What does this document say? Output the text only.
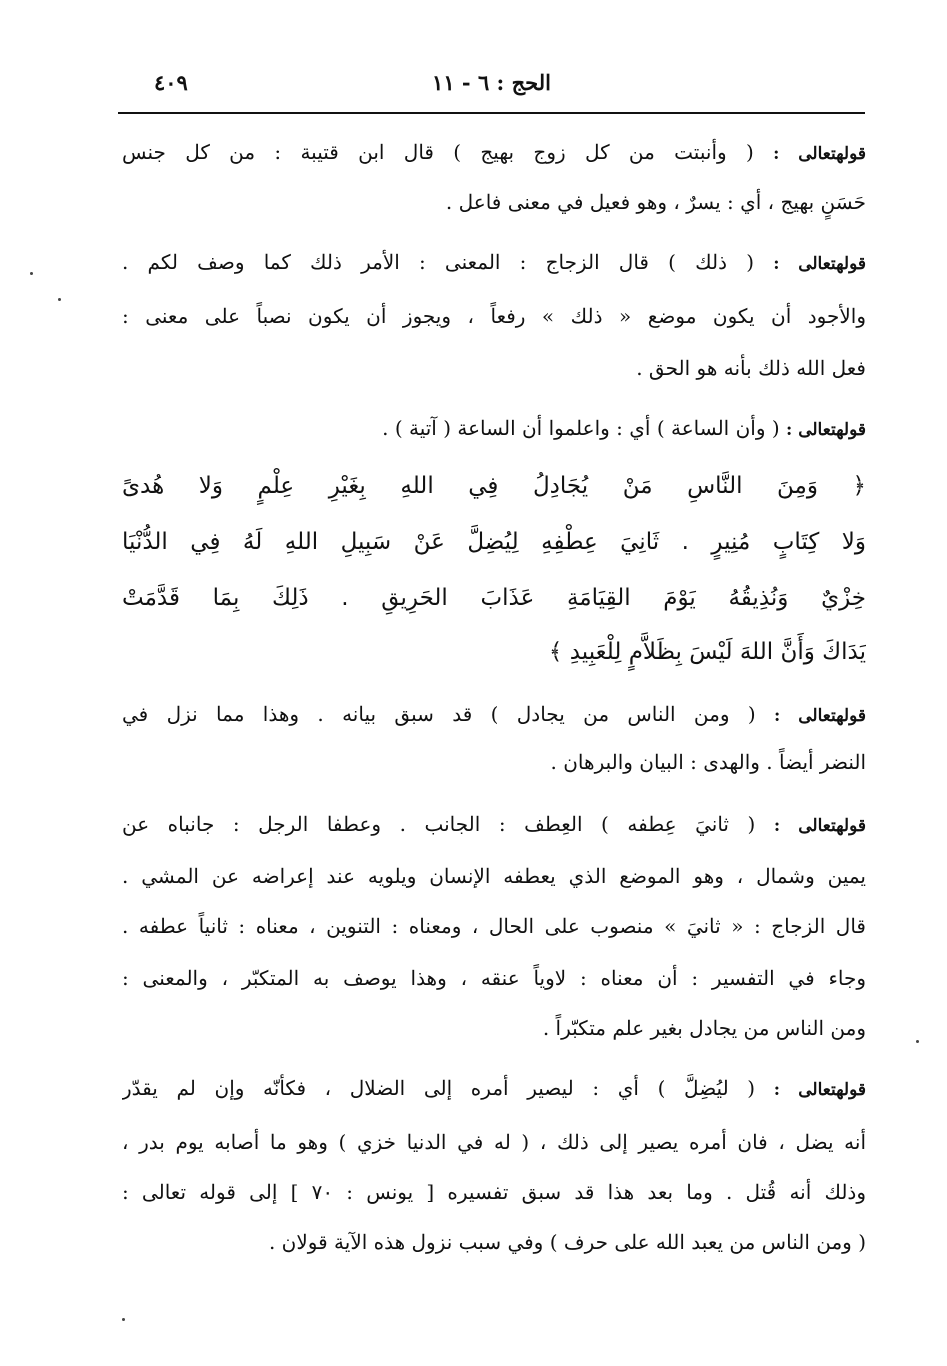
الحج : ٦ - ١١
٤٠٩
قولهتعالى : ( وأنبتت من كل زوج بهيج ) قال ابن قتيبة : من كل جنس
حَسَنٍ بهيج ، أي : يسرٌ ، وهو فعيل في معنى فاعل .
قولهتعالى : ( ذلك ) قال الزجاج : المعنى : الأمر ذلك كما وصف لكم .
والأجود أن يكون موضع « ذلك » رفعاً ، ويجوز أن يكون نصباً على معنى :
فعل الله ذلك بأنه هو الحق .
قولهتعالى : ( وأن الساعة ) أي : واعلموا أن الساعة ( آتية ) .
﴿ وَمِنَ النَّاسِ مَنْ يُجَادِلُ فِي اللهِ بِغَيْرِ عِلْمٍ وَلا هُدىً
وَلا كِتَابٍ مُنِيرٍ . ثَانِيَ عِطْفِهِ لِيُضِلَّ عَنْ سَبِيلِ اللهِ لَهُ فِي الدُّنْيَا
خِزْيٌ وَنُذِيقُهُ يَوْمَ القِيَامَةِ عَذَابَ الحَرِيقِ . ذَلِكَ بِمَا قَدَّمَتْ
يَدَاكَ وَأَنَّ اللهَ لَيْسَ بِظَلاَّمٍ لِلْعَبِيدِ ﴾
قولهتعالى : ( ومن الناس من يجادل ) قد سبق بيانه . وهذا مما نزل في
النضر أيضاً . والهدى : البيان والبرهان .
قولهتعالى : ( ثانيَ عِطفه ) العِطف : الجانب . وعطفا الرجل : جانباه عن
يمين وشمال ، وهو الموضع الذي يعطفه الإنسان ويلويه عند إعراضه عن المشي .
قال الزجاج : « ثانيَ » منصوب على الحال ، ومعناه : التنوين ، معناه : ثانياً عطفه .
وجاء في التفسير : أن معناه : لاوياً عنقه ، وهذا يوصف به المتكبّر ، والمعنى :
ومن الناس من يجادل بغير علم متكبّراً .
قولهتعالى : ( ليُضِلَّ ) أي : ليصير أمره إلى الضلال ، فكأنّه وإن لم يقدّر
أنه يضل ، فان أمره يصير إلى ذلك ، ( له في الدنيا خزي ) وهو ما أصابه يوم بدر ،
وذلك أنه قُتل . وما بعد هذا قد سبق تفسيره [ يونس : ٧٠ ] إلى قوله تعالى :
( ومن الناس من يعبد الله على حرف ) وفي سبب نزول هذه الآية قولان .
